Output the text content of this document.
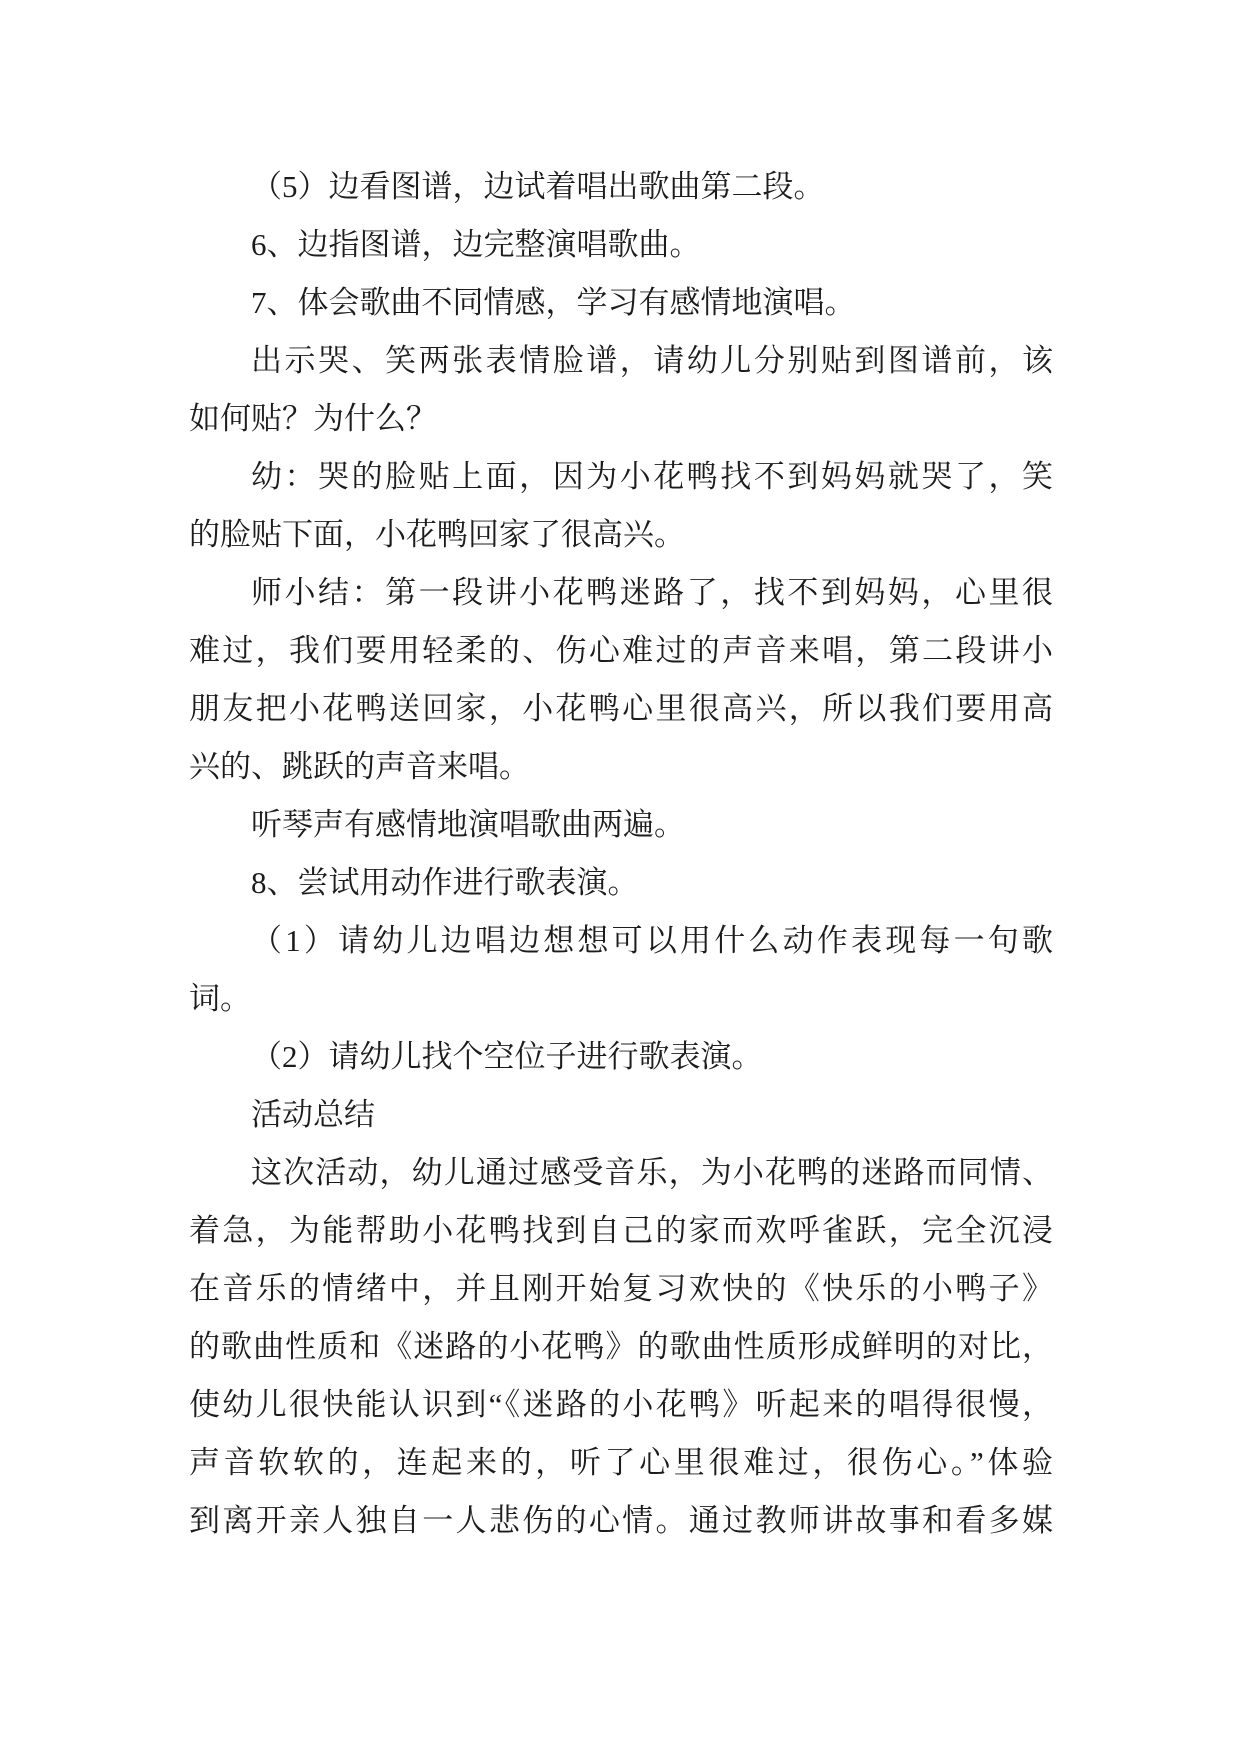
（5）边看图谱，边试着唱出歌曲第二段。
6、边指图谱，边完整演唱歌曲。
7、体会歌曲不同情感，学习有感情地演唱。
出示哭、笑两张表情脸谱，请幼儿分别贴到图谱前，该
如何贴？为什么？
幼：哭的脸贴上面，因为小花鸭找不到妈妈就哭了，笑
的脸贴下面，小花鸭回家了很高兴。
师小结：第一段讲小花鸭迷路了，找不到妈妈，心里很
难过，我们要用轻柔的、伤心难过的声音来唱，第二段讲小
朋友把小花鸭送回家，小花鸭心里很高兴，所以我们要用高
兴的、跳跃的声音来唱。
听琴声有感情地演唱歌曲两遍。
8、尝试用动作进行歌表演。
（1）请幼儿边唱边想想可以用什么动作表现每一句歌
词。
（2）请幼儿找个空位子进行歌表演。
活动总结
这次活动，幼儿通过感受音乐，为小花鸭的迷路而同情、
着急，为能帮助小花鸭找到自己的家而欢呼雀跃，完全沉浸
在音乐的情绪中，并且刚开始复习欢快的《快乐的小鸭子》
的歌曲性质和《迷路的小花鸭》的歌曲性质形成鲜明的对比，
使幼儿很快能认识到“《迷路的小花鸭》听起来的唱得很慢，
声音软软的，连起来的，听了心里很难过，很伤心。”体验
到离开亲人独自一人悲伤的心情。通过教师讲故事和看多媒
